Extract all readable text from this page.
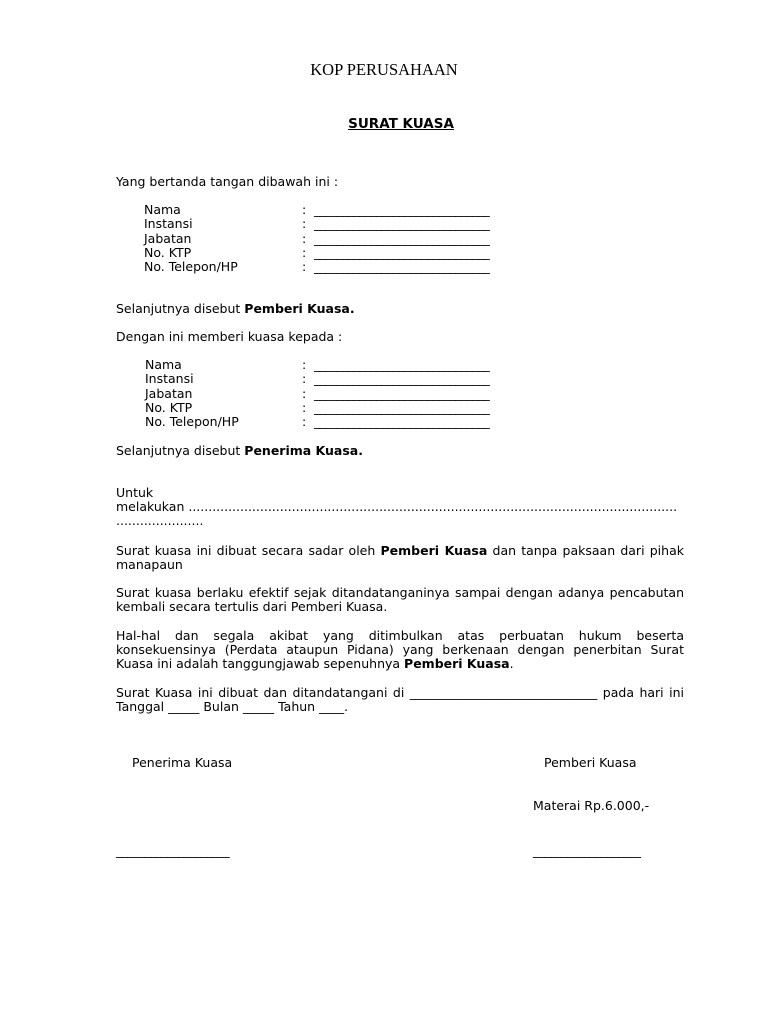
KOP PERUSAHAAN
SURAT KUASA
Yang bertanda tangan dibawah ini :
Nama	: _______________________________
Instansi	: _______________________________
Jabatan	: _______________________________
No. KTP	: _______________________________
No. Telepon/HP	: _______________________________
Selanjutnya disebut Pemberi Kuasa.
Dengan ini memberi kuasa kepada :
Nama	: _______________________________
Instansi	: _______________________________
Jabatan	: _______________________________
No. KTP	: _______________________________
No. Telepon/HP	: _______________________________
Selanjutnya disebut Penerima Kuasa.
Untuk
melakukan ...........................................................................................................................
......................

Surat kuasa ini dibuat secara sadar oleh Pemberi Kuasa dan tanpa paksaan dari pihak manapaun

Surat kuasa berlaku efektif sejak ditandatanganinya sampai dengan adanya pencabutan kembali secara tertulis dari Pemberi Kuasa.

Hal-hal dan segala akibat yang ditimbulkan atas perbuatan hukum beserta konsekuensinya (Perdata ataupun Pidana) yang berkenaan dengan penerbitan Surat Kuasa ini adalah tanggungjawab sepenuhnya Pemberi Kuasa.

Surat Kuasa ini dibuat dan ditandatangani di ______________________________ pada hari ini Tanggal _____ Bulan _____ Tahun ____.

Penerima Kuasa	Pemberi Kuasa
Materai Rp.6.000,-
____________________	___________________
